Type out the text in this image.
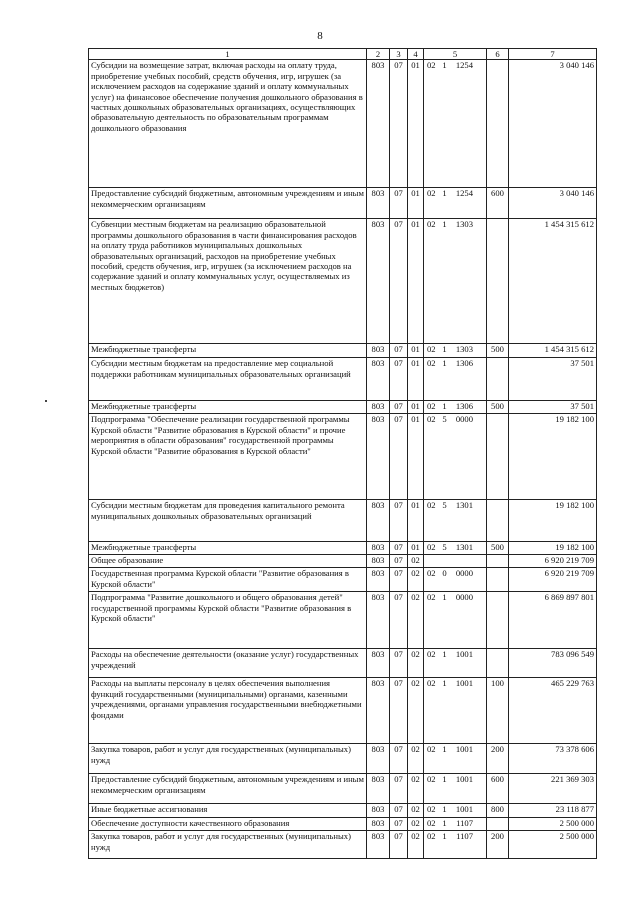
8
1	2	3	4	5	6	7
Субсидии на возмещение затрат, включая расходы на оплату труда, приобретение учебных пособий, средств обучения, игр, игрушек (за исключением расходов на содержание зданий и оплату коммунальных услуг) на финансовое обеспечение получения дошкольного образования в частных дошкольных образовательных организациях, осуществляющих образовательную деятельность по образовательным программам дошкольного образования	803	07	01	02 1 1254		3 040 146
Предоставление субсидий бюджетным, автономным учреждениям и иным некоммерческим организациям	803	07	01	02 1 1254	600	3 040 146
Субвенции местным бюджетам на реализацию образовательной программы дошкольного образования в части финансирования расходов на оплату труда работников муниципальных дошкольных образовательных организаций, расходов на приобретение учебных пособий, средств обучения, игр, игрушек (за исключением расходов на содержание зданий и оплату коммунальных услуг, осуществляемых из местных бюджетов)	803	07	01	02 1 1303		1 454 315 612
Межбюджетные трансферты	803	07	01	02 1 1303	500	1 454 315 612
Субсидии местным бюджетам на предоставление мер социальной поддержки работникам муниципальных образовательных организаций	803	07	01	02 1 1306		37 501
Межбюджетные трансферты	803	07	01	02 1 1306	500	37 501
Подпрограмма "Обеспечение реализации государственной программы Курской области "Развитие образования в Курской области" и прочие мероприятия в области образования" государственной программы Курской области "Развитие образования в Курской области"	803	07	01	02 5 0000		19 182 100
Субсидии местным бюджетам для проведения капитального ремонта муниципальных дошкольных образовательных организаций	803	07	01	02 5 1301		19 182 100
Межбюджетные трансферты	803	07	01	02 5 1301	500	19 182 100
Общее образование	803	07	02			6 920 219 709
Государственная программа Курской области "Развитие образования в Курской области"	803	07	02	02 0 0000		6 920 219 709
Подпрограмма "Развитие дошкольного и общего образования детей" государственной программы Курской области "Развитие образования в Курской области"	803	07	02	02 1 0000		6 869 897 801
Расходы на обеспечение деятельности (оказание услуг) государственных учреждений	803	07	02	02 1 1001		783 096 549
Расходы на выплаты персоналу в целях обеспечения выполнения функций государственными (муниципальными) органами, казенными учреждениями, органами управления государственными внебюджетными фондами	803	07	02	02 1 1001	100	465 229 763
Закупка товаров, работ и услуг для государственных (муниципальных) нужд	803	07	02	02 1 1001	200	73 378 606
Предоставление субсидий бюджетным, автономным учреждениям и иным некоммерческим организациям	803	07	02	02 1 1001	600	221 369 303
Иные бюджетные ассигнования	803	07	02	02 1 1001	800	23 118 877
Обеспечение доступности качественного образования	803	07	02	02 1 1107		2 500 000
Закупка товаров, работ и услуг для государственных (муниципальных) нужд	803	07	02	02 1 1107	200	2 500 000
